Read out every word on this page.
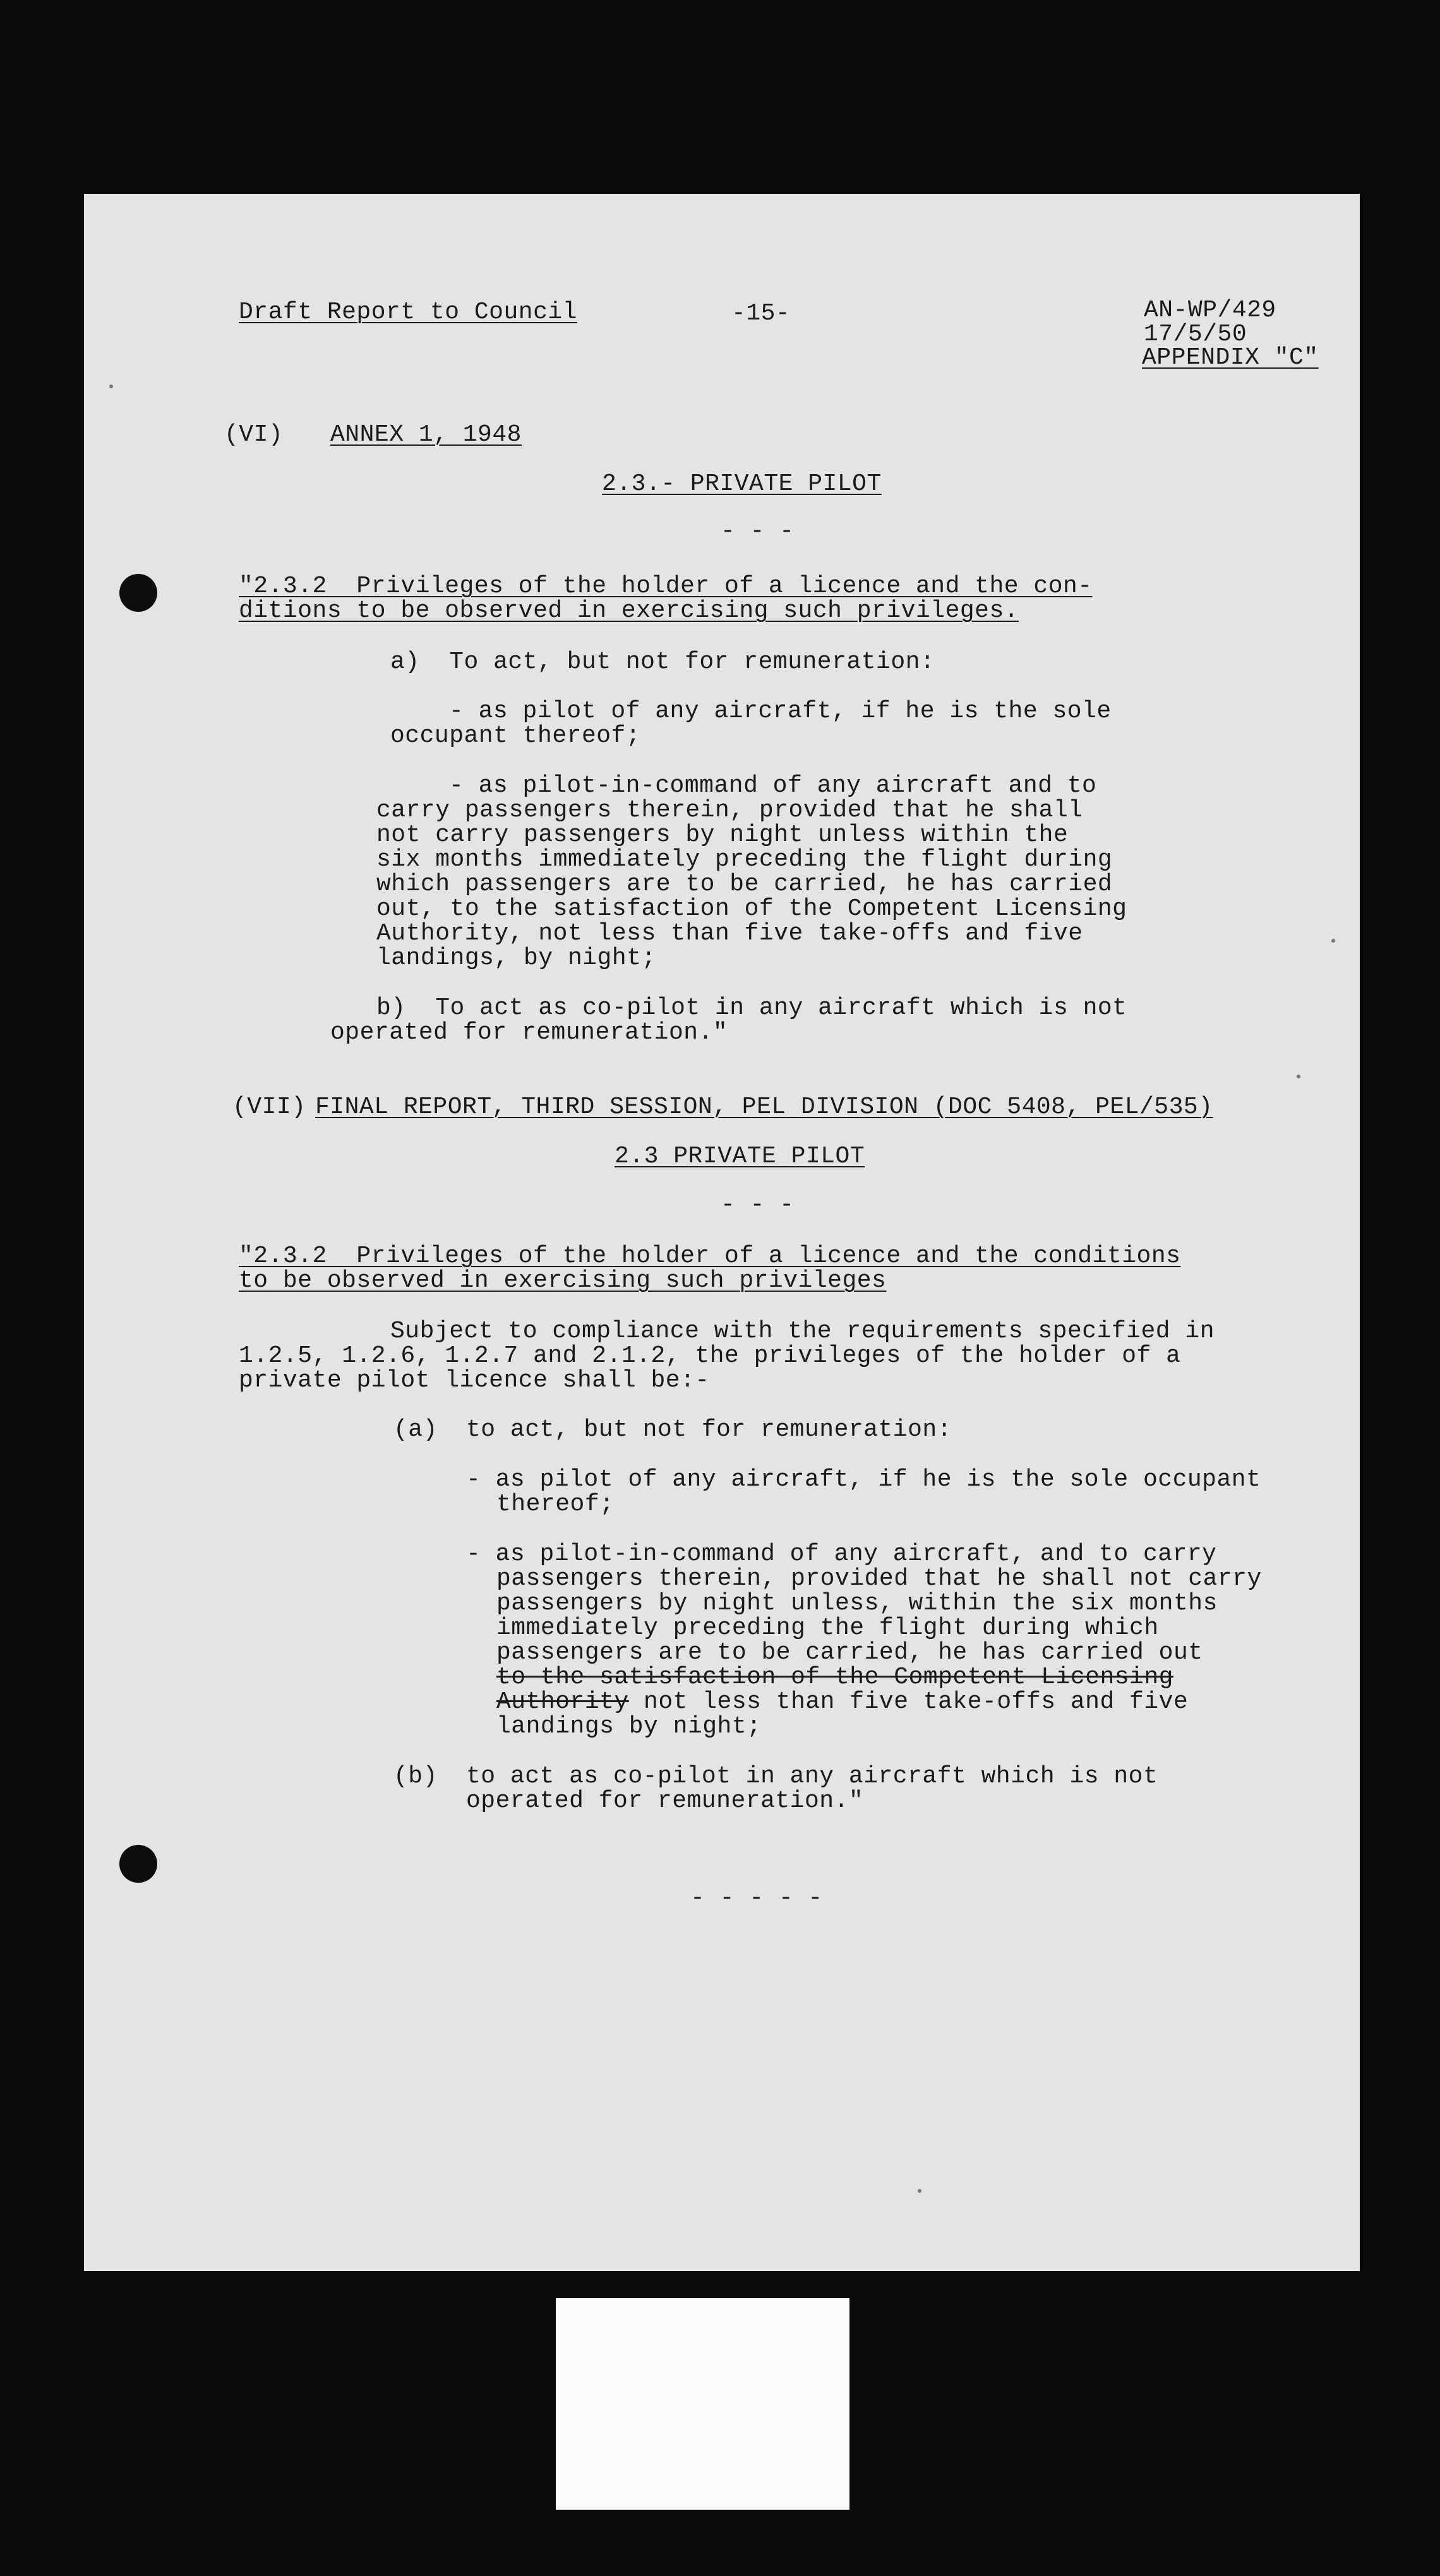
Draft Report to Council	-15-	AN-WP/429
17/5/50
APPENDIX "C"
(VI) ANNEX 1, 1948
2.3.- PRIVATE PILOT
- - -
"2.3.2  Privileges of the holder of a licence and the con-
ditions to be observed in exercising such privileges.
a)  To act, but not for remuneration:
- as pilot of any aircraft, if he is the sole
occupant thereof;
- as pilot-in-command of any aircraft and to
carry passengers therein, provided that he shall
not carry passengers by night unless within the
six months immediately preceding the flight during
which passengers are to be carried, he has carried
out, to the satisfaction of the Competent Licensing
Authority, not less than five take-offs and five
landings, by night;
b)  To act as co-pilot in any aircraft which is not
operated for remuneration."
(VII) FINAL REPORT, THIRD SESSION, PEL DIVISION (DOC 5408, PEL/535)
2.3 PRIVATE PILOT
- - -
"2.3.2  Privileges of the holder of a licence and the conditions
to be observed in exercising such privileges
Subject to compliance with the requirements specified in
1.2.5, 1.2.6, 1.2.7 and 2.1.2, the privileges of the holder of a
private pilot licence shall be:-
(a) to act, but not for remuneration:
- as pilot of any aircraft, if he is the sole occupant
thereof;
- as pilot-in-command of any aircraft, and to carry
passengers therein, provided that he shall not carry
passengers by night unless, within the six months
immediately preceding the flight during which
passengers are to be carried, he has carried out
to the satisfaction of the Competent Licensing
Authority not less than five take-offs and five
landings by night;
(b) to act as co-pilot in any aircraft which is not
operated for remuneration."
- - - - -
